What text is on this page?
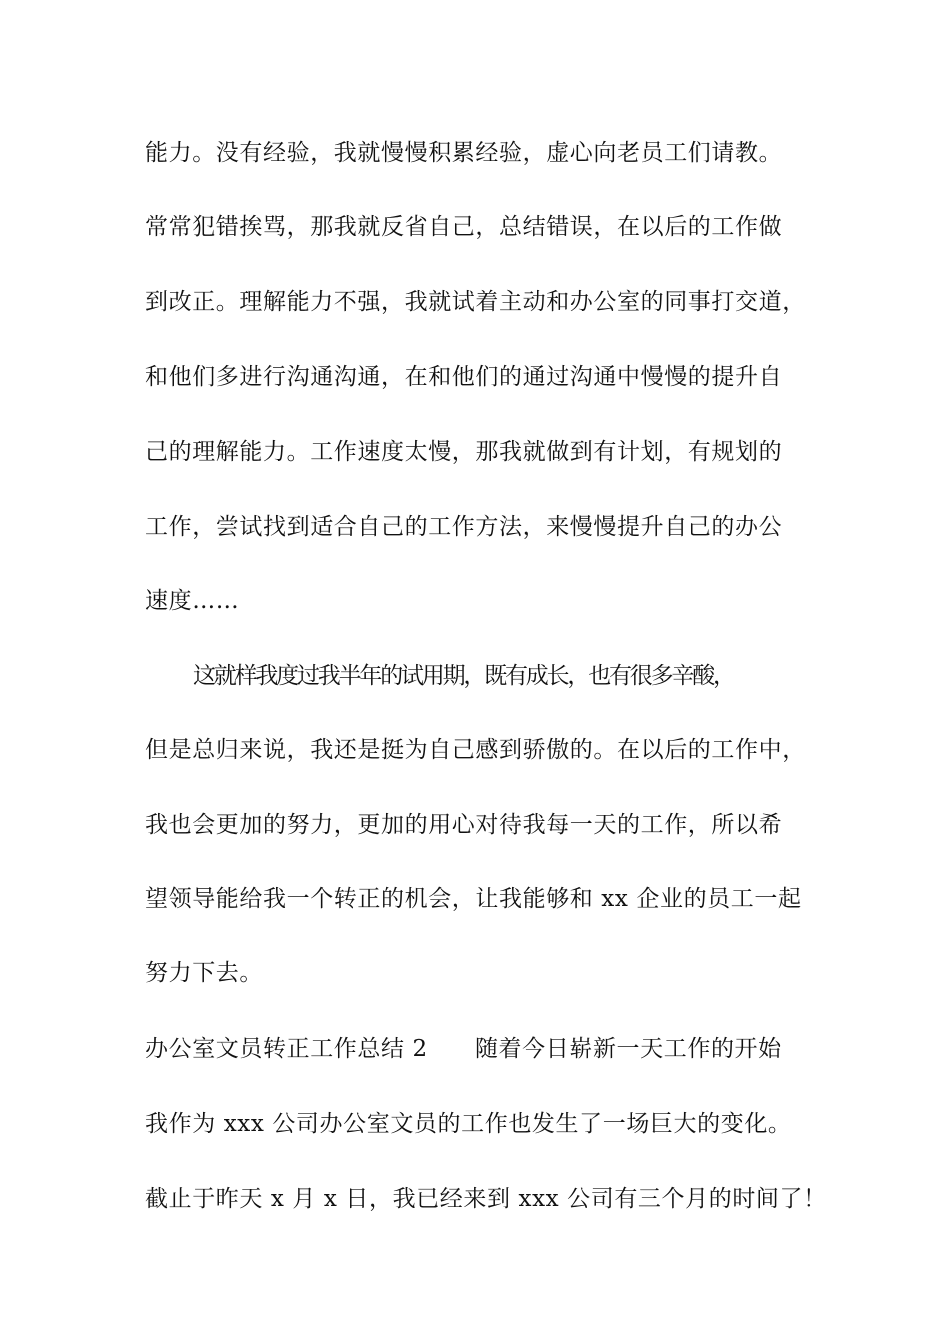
能力。没有经验，我就慢慢积累经验，虚心向老员工们请教。
常常犯错挨骂，那我就反省自己，总结错误，在以后的工作做
到改正。理解能力不强，我就试着主动和办公室的同事打交道，
和他们多进行沟通沟通，在和他们的通过沟通中慢慢的提升自
己的理解能力。工作速度太慢，那我就做到有计划，有规划的
工作，尝试找到适合自己的工作方法，来慢慢提升自己的办公
速度……
这就样我度过我半年的试用期，既有成长，也有很多辛酸，
但是总归来说，我还是挺为自己感到骄傲的。在以后的工作中，
我也会更加的努力，更加的用心对待我每一天的工作，所以希
望领导能给我一个转正的机会，让我能够和 xx 企业的员工一起
努力下去。
办公室文员转正工作总结 2　　随着今日崭新一天工作的开始
我作为 xxx 公司办公室文员的工作也发生了一场巨大的变化。
截止于昨天 x 月 x 日，我已经来到 xxx 公司有三个月的时间了！
